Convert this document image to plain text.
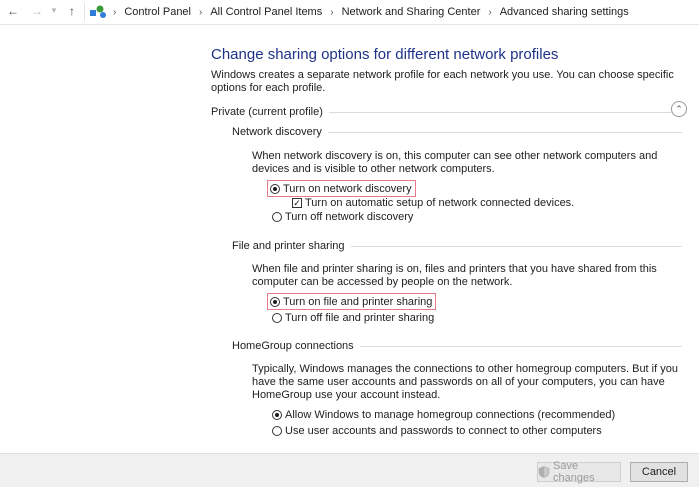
← → ▼ ↑	› Control Panel › All Control Panel Items › Network and Sharing Center › Advanced sharing settings
Change sharing options for different network profiles
Windows creates a separate network profile for each network you use. You can choose specific options for each profile.
Private (current profile)	⌃
Network discovery
When network discovery is on, this computer can see other network computers and devices and is visible to other network computers.
Turn on network discovery
✓ Turn on automatic setup of network connected devices.
Turn off network discovery
File and printer sharing
When file and printer sharing is on, files and printers that you have shared from this computer can be accessed by people on the network.
Turn on file and printer sharing
Turn off file and printer sharing
HomeGroup connections
Typically, Windows manages the connections to other homegroup computers. But if you have the same user accounts and passwords on all of your computers, you can have HomeGroup use your account instead.
Allow Windows to manage homegroup connections (recommended)
Use user accounts and passwords to connect to other computers
Save changes	Cancel
